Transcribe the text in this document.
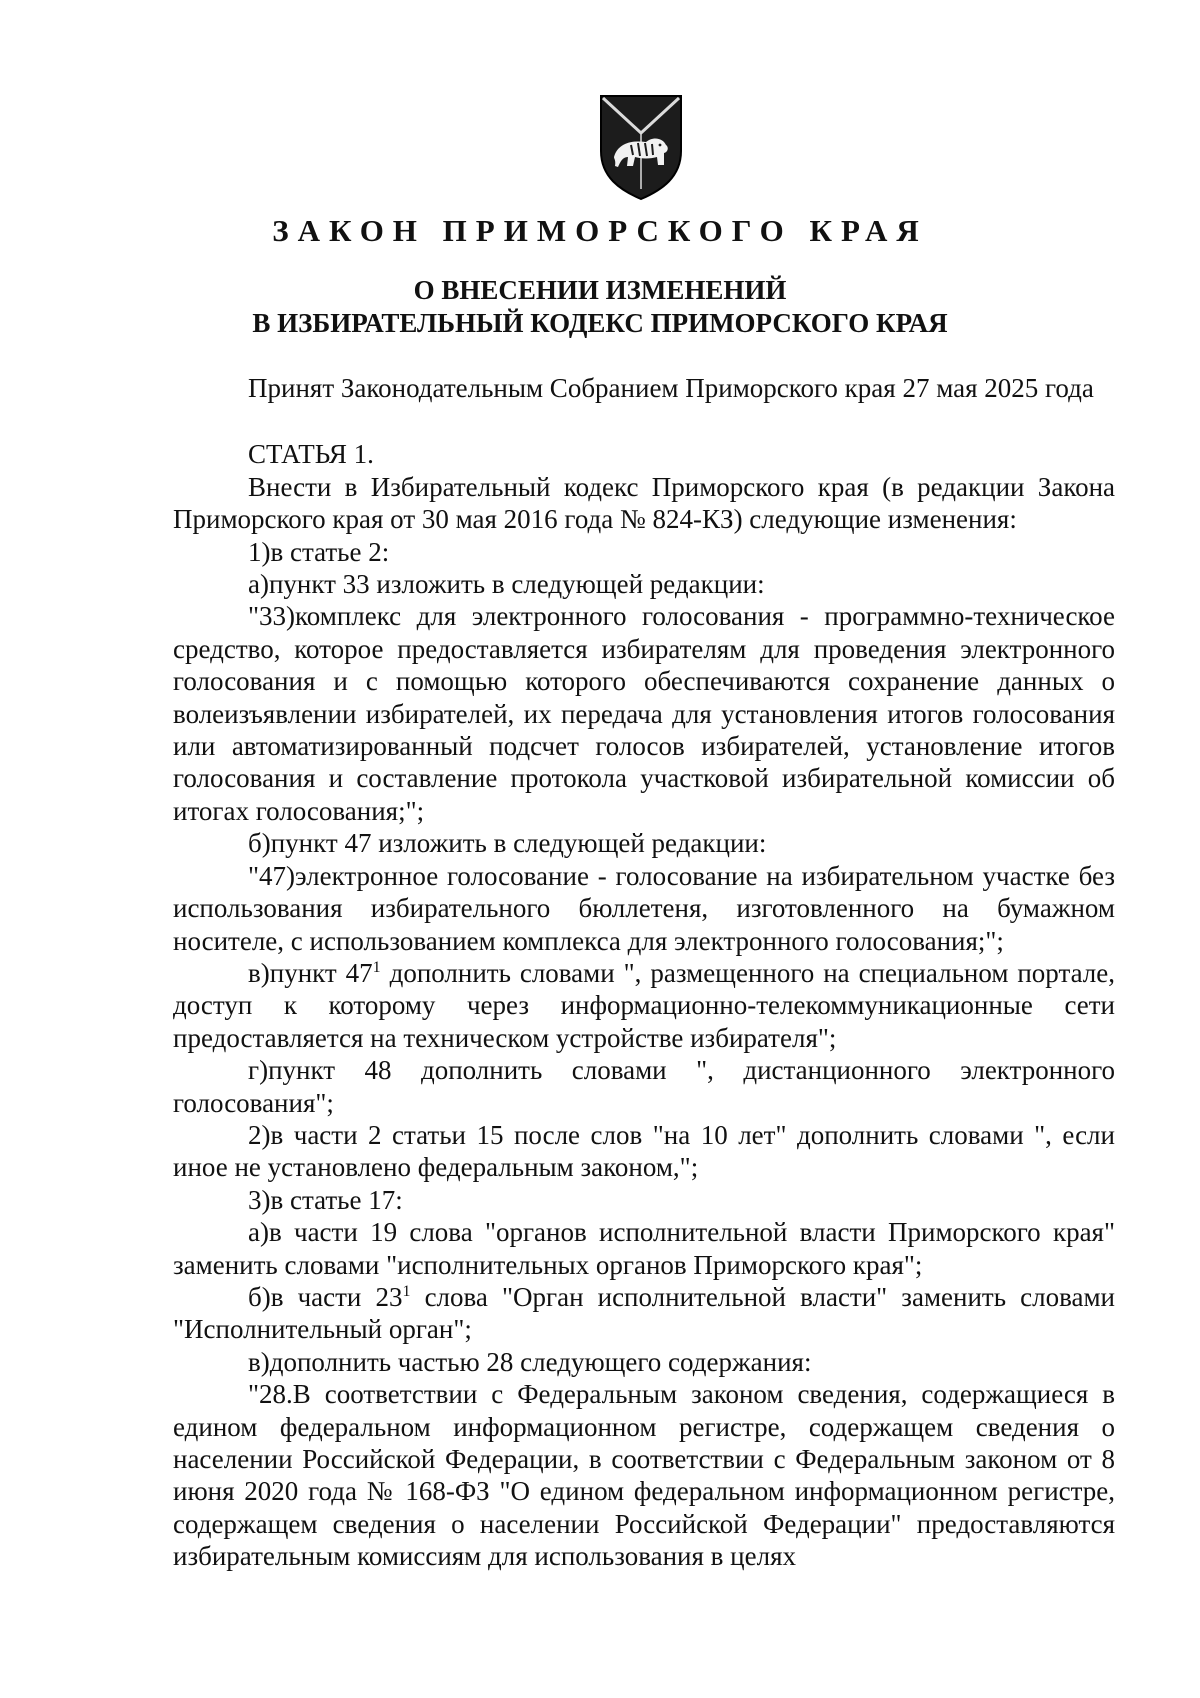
ЗАКОН ПРИМОРСКОГО КРАЯ
О ВНЕСЕНИИ ИЗМЕНЕНИЙ
В ИЗБИРАТЕЛЬНЫЙ КОДЕКС ПРИМОРСКОГО КРАЯ

Принят Законодательным Собранием Приморского края 27 мая 2025 года

СТАТЬЯ 1.

Внести в Избирательный кодекс Приморского края (в редакции Закона Приморского края от 30 мая 2016 года № 824-КЗ) следующие изменения:

1)в статье 2:

а)пункт 33 изложить в следующей редакции:

"33)комплекс для электронного голосования - программно-техническое средство, которое предоставляется избирателям для проведения электронного голосования и с помощью которого обеспечиваются сохранение данных о волеизъявлении избирателей, их передача для установления итогов голосования или автоматизированный подсчет голосов избирателей, установление итогов голосования и составление протокола участковой избирательной комиссии об итогах голосования;";

б)пункт 47 изложить в следующей редакции:

"47)электронное голосование - голосование на избирательном участке без использования избирательного бюллетеня, изготовленного на бумажном носителе, с использованием комплекса для электронного голосования;";

в)пункт $47^1$ дополнить словами ", размещенного на специальном портале, доступ к которому через информационно-телекоммуникационные сети предоставляется на техническом устройстве избирателя";

г)пункт 48 дополнить словами ", дистанционного электронного голосования";

2)в части 2 статьи 15 после слов "на 10 лет" дополнить словами ", если иное не установлено федеральным законом,";

3)в статье 17:

а)в части 19 слова "органов исполнительной власти Приморского края" заменить словами "исполнительных органов Приморского края";

б)в части $23^1$ слова "Орган исполнительной власти" заменить словами "Исполнительный орган";

в)дополнить частью 28 следующего содержания:

"28.В соответствии с Федеральным законом сведения, содержащиеся в едином федеральном информационном регистре, содержащем сведения о населении Российской Федерации, в соответствии с Федеральным законом от 8 июня 2020 года № 168-ФЗ "О едином федеральном информационном регистре, содержащем сведения о населении Российской Федерации" предоставляются избирательным комиссиям для использования в целях
